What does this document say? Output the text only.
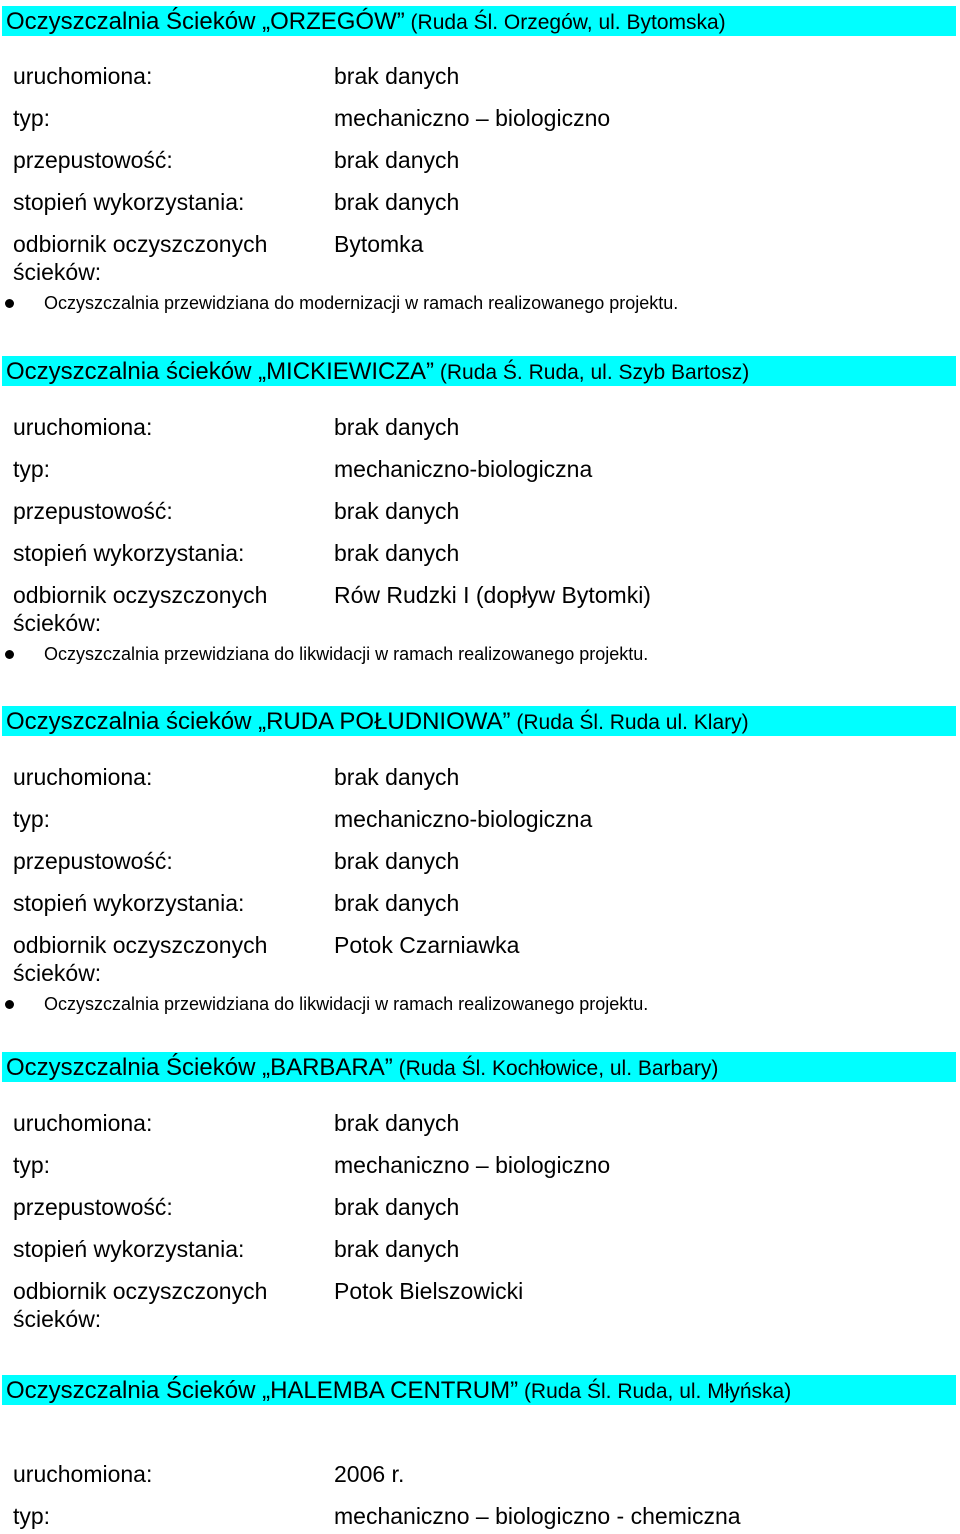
Oczyszczalnia Ścieków „ORZEGÓW” (Ruda Śl. Orzegów, ul. Bytomska)
uruchomiona:	brak danych
typ:	mechaniczno – biologiczno
przepustowość:	brak danych
stopień wykorzystania:	brak danych
odbiornik oczyszczonych	Bytomka
ścieków:
Oczyszczalnia przewidziana do modernizacji w ramach realizowanego projektu.
Oczyszczalnia ścieków „MICKIEWICZA” (Ruda Ś. Ruda, ul. Szyb Bartosz)
uruchomiona:	brak danych
typ:	mechaniczno-biologiczna
przepustowość:	brak danych
stopień wykorzystania:	brak danych
odbiornik oczyszczonych	Rów Rudzki I (dopływ Bytomki)
ścieków:
Oczyszczalnia przewidziana do likwidacji w ramach realizowanego projektu.
Oczyszczalnia ścieków „RUDA POŁUDNIOWA” (Ruda Śl. Ruda ul. Klary)
uruchomiona:	brak danych
typ:	mechaniczno-biologiczna
przepustowość:	brak danych
stopień wykorzystania:	brak danych
odbiornik oczyszczonych	Potok Czarniawka
ścieków:
Oczyszczalnia przewidziana do likwidacji w ramach realizowanego projektu.
Oczyszczalnia Ścieków „BARBARA” (Ruda Śl. Kochłowice, ul. Barbary)
uruchomiona:	brak danych
typ:	mechaniczno – biologiczno
przepustowość:	brak danych
stopień wykorzystania:	brak danych
odbiornik oczyszczonych	Potok Bielszowicki
ścieków:
Oczyszczalnia Ścieków „HALEMBA CENTRUM” (Ruda Śl. Ruda, ul. Młyńska)
uruchomiona:	2006 r.
typ:	mechaniczno – biologiczno - chemiczna
